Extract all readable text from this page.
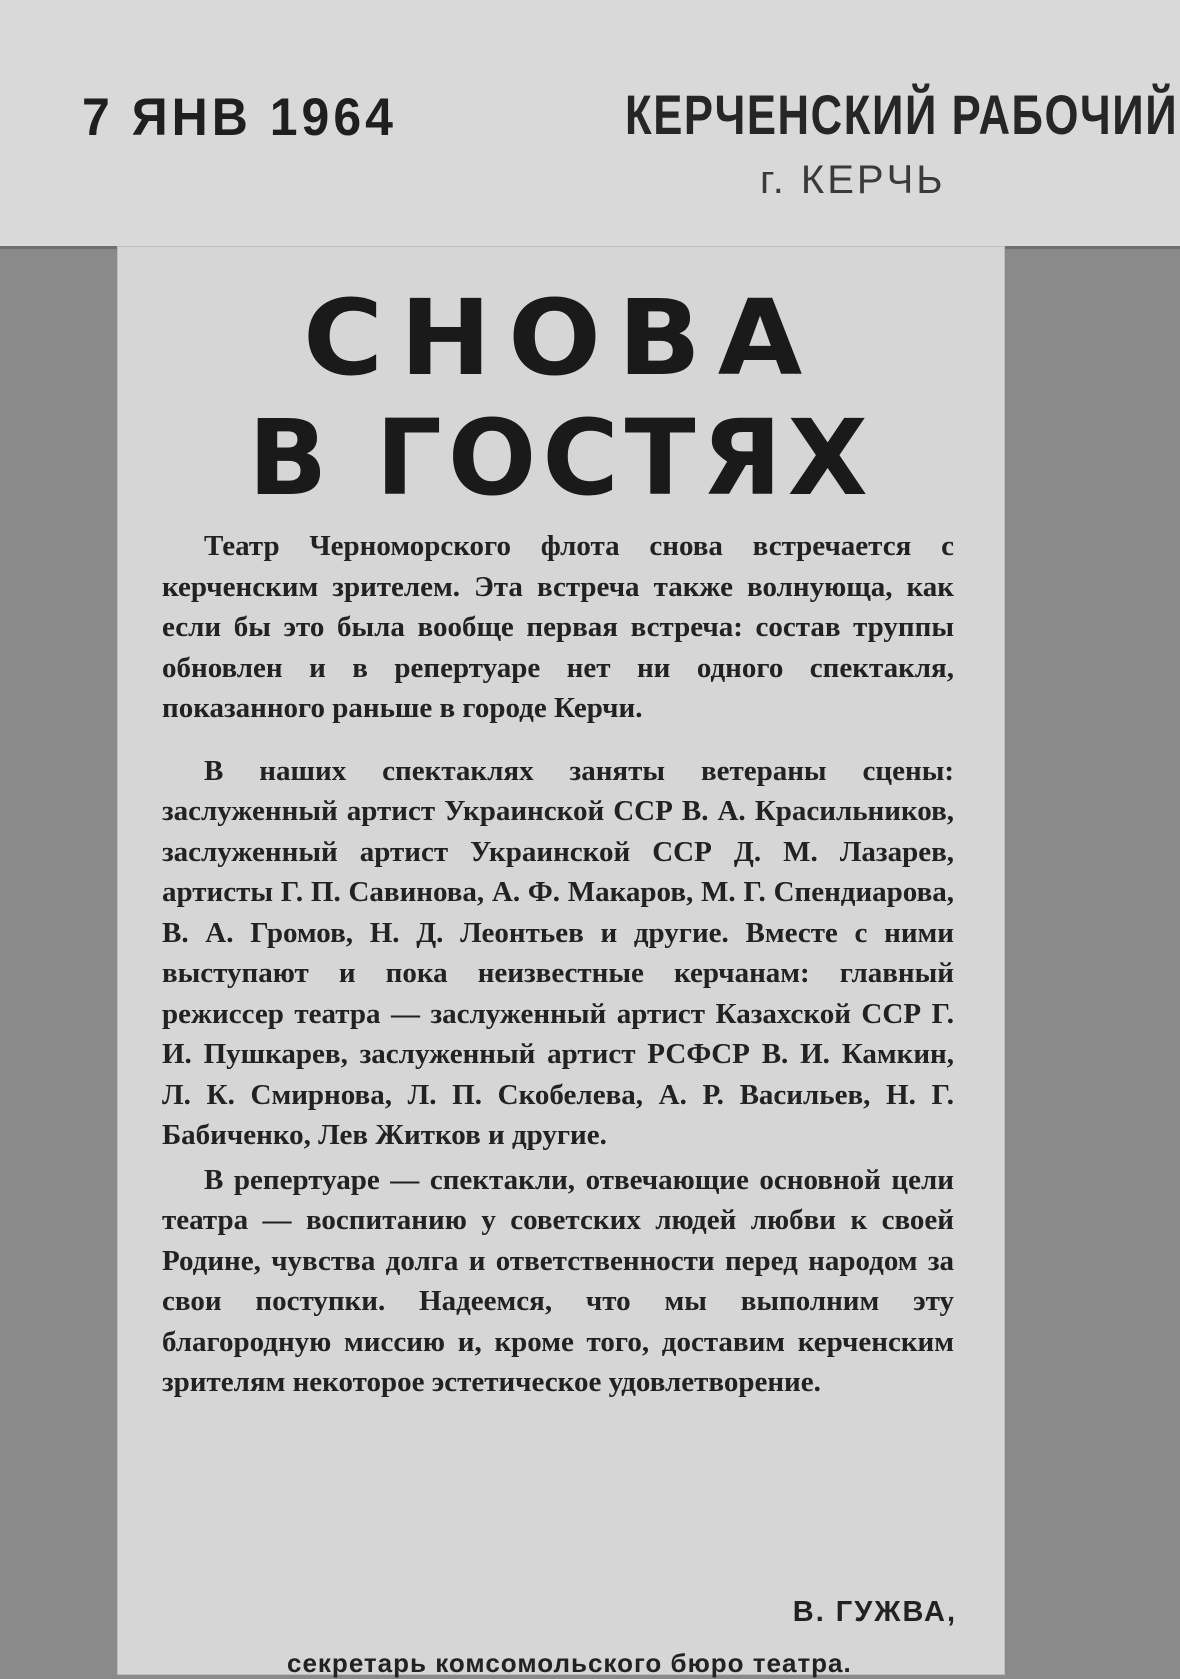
7 ЯНВ 1964	КЕРЧЕНСКИЙ РАБОЧИЙ
г. КЕРЧЬ
СНОВА
В ГОСТЯХ

Театр Черноморского флота снова встречается с керченским зрителем. Эта встреча также волнующа, как если бы это была вообще первая встреча: состав труппы обновлен и в репертуаре нет ни одного спектакля, показанного раньше в городе Керчи.

В наших спектаклях заняты ветераны сцены: заслуженный артист Украинской ССР В. А. Красильников, заслуженный артист Украинской ССР Д. М. Лазарев, артисты Г. П. Савинова, А. Ф. Макаров, М. Г. Спендиарова, В. А. Громов, Н. Д. Леонтьев и другие. Вместе с ними выступают и пока неизвестные керчанам: главный режиссер театра — заслуженный артист Казахской ССР Г. И. Пушкарев, заслуженный артист РСФСР В. И. Камкин, Л. К. Смирнова, Л. П. Скобелева, А. Р. Васильев, Н. Г. Бабиченко, Лев Житков и другие.

В репертуаре — спектакли, отвечающие основной цели театра — воспитанию у советских людей любви к своей Родине, чувства долга и ответственности перед народом за свои поступки. Надеемся, что мы выполним эту благородную миссию и, кроме того, доставим керченским зрителям некоторое эстетическое удовлетворение.

В. ГУЖВА,
секретарь комсомольского бюро театра.
